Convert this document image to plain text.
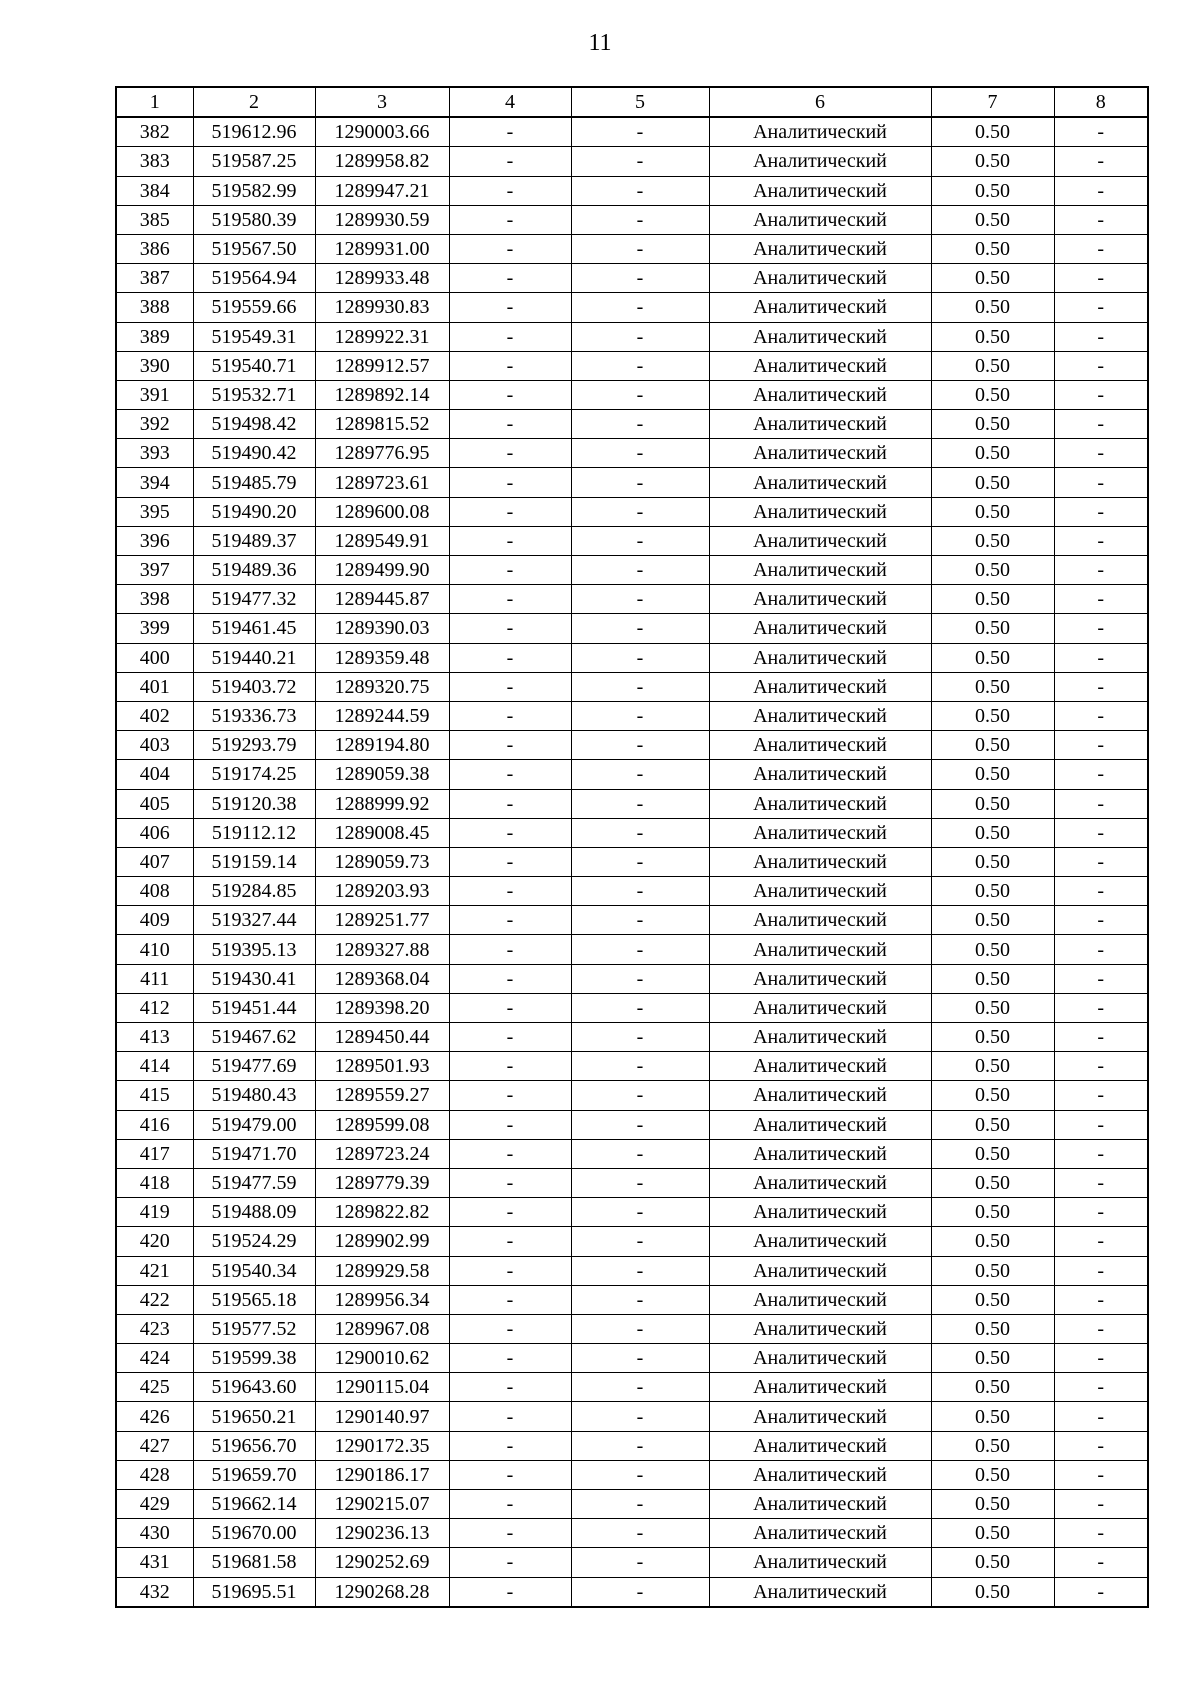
11
1	2	3	4	5	6	7	8
382	519612.96	1290003.66	-	-	Аналитический	0.50	-
383	519587.25	1289958.82	-	-	Аналитический	0.50	-
384	519582.99	1289947.21	-	-	Аналитический	0.50	-
385	519580.39	1289930.59	-	-	Аналитический	0.50	-
386	519567.50	1289931.00	-	-	Аналитический	0.50	-
387	519564.94	1289933.48	-	-	Аналитический	0.50	-
388	519559.66	1289930.83	-	-	Аналитический	0.50	-
389	519549.31	1289922.31	-	-	Аналитический	0.50	-
390	519540.71	1289912.57	-	-	Аналитический	0.50	-
391	519532.71	1289892.14	-	-	Аналитический	0.50	-
392	519498.42	1289815.52	-	-	Аналитический	0.50	-
393	519490.42	1289776.95	-	-	Аналитический	0.50	-
394	519485.79	1289723.61	-	-	Аналитический	0.50	-
395	519490.20	1289600.08	-	-	Аналитический	0.50	-
396	519489.37	1289549.91	-	-	Аналитический	0.50	-
397	519489.36	1289499.90	-	-	Аналитический	0.50	-
398	519477.32	1289445.87	-	-	Аналитический	0.50	-
399	519461.45	1289390.03	-	-	Аналитический	0.50	-
400	519440.21	1289359.48	-	-	Аналитический	0.50	-
401	519403.72	1289320.75	-	-	Аналитический	0.50	-
402	519336.73	1289244.59	-	-	Аналитический	0.50	-
403	519293.79	1289194.80	-	-	Аналитический	0.50	-
404	519174.25	1289059.38	-	-	Аналитический	0.50	-
405	519120.38	1288999.92	-	-	Аналитический	0.50	-
406	519112.12	1289008.45	-	-	Аналитический	0.50	-
407	519159.14	1289059.73	-	-	Аналитический	0.50	-
408	519284.85	1289203.93	-	-	Аналитический	0.50	-
409	519327.44	1289251.77	-	-	Аналитический	0.50	-
410	519395.13	1289327.88	-	-	Аналитический	0.50	-
411	519430.41	1289368.04	-	-	Аналитический	0.50	-
412	519451.44	1289398.20	-	-	Аналитический	0.50	-
413	519467.62	1289450.44	-	-	Аналитический	0.50	-
414	519477.69	1289501.93	-	-	Аналитический	0.50	-
415	519480.43	1289559.27	-	-	Аналитический	0.50	-
416	519479.00	1289599.08	-	-	Аналитический	0.50	-
417	519471.70	1289723.24	-	-	Аналитический	0.50	-
418	519477.59	1289779.39	-	-	Аналитический	0.50	-
419	519488.09	1289822.82	-	-	Аналитический	0.50	-
420	519524.29	1289902.99	-	-	Аналитический	0.50	-
421	519540.34	1289929.58	-	-	Аналитический	0.50	-
422	519565.18	1289956.34	-	-	Аналитический	0.50	-
423	519577.52	1289967.08	-	-	Аналитический	0.50	-
424	519599.38	1290010.62	-	-	Аналитический	0.50	-
425	519643.60	1290115.04	-	-	Аналитический	0.50	-
426	519650.21	1290140.97	-	-	Аналитический	0.50	-
427	519656.70	1290172.35	-	-	Аналитический	0.50	-
428	519659.70	1290186.17	-	-	Аналитический	0.50	-
429	519662.14	1290215.07	-	-	Аналитический	0.50	-
430	519670.00	1290236.13	-	-	Аналитический	0.50	-
431	519681.58	1290252.69	-	-	Аналитический	0.50	-
432	519695.51	1290268.28	-	-	Аналитический	0.50	-
